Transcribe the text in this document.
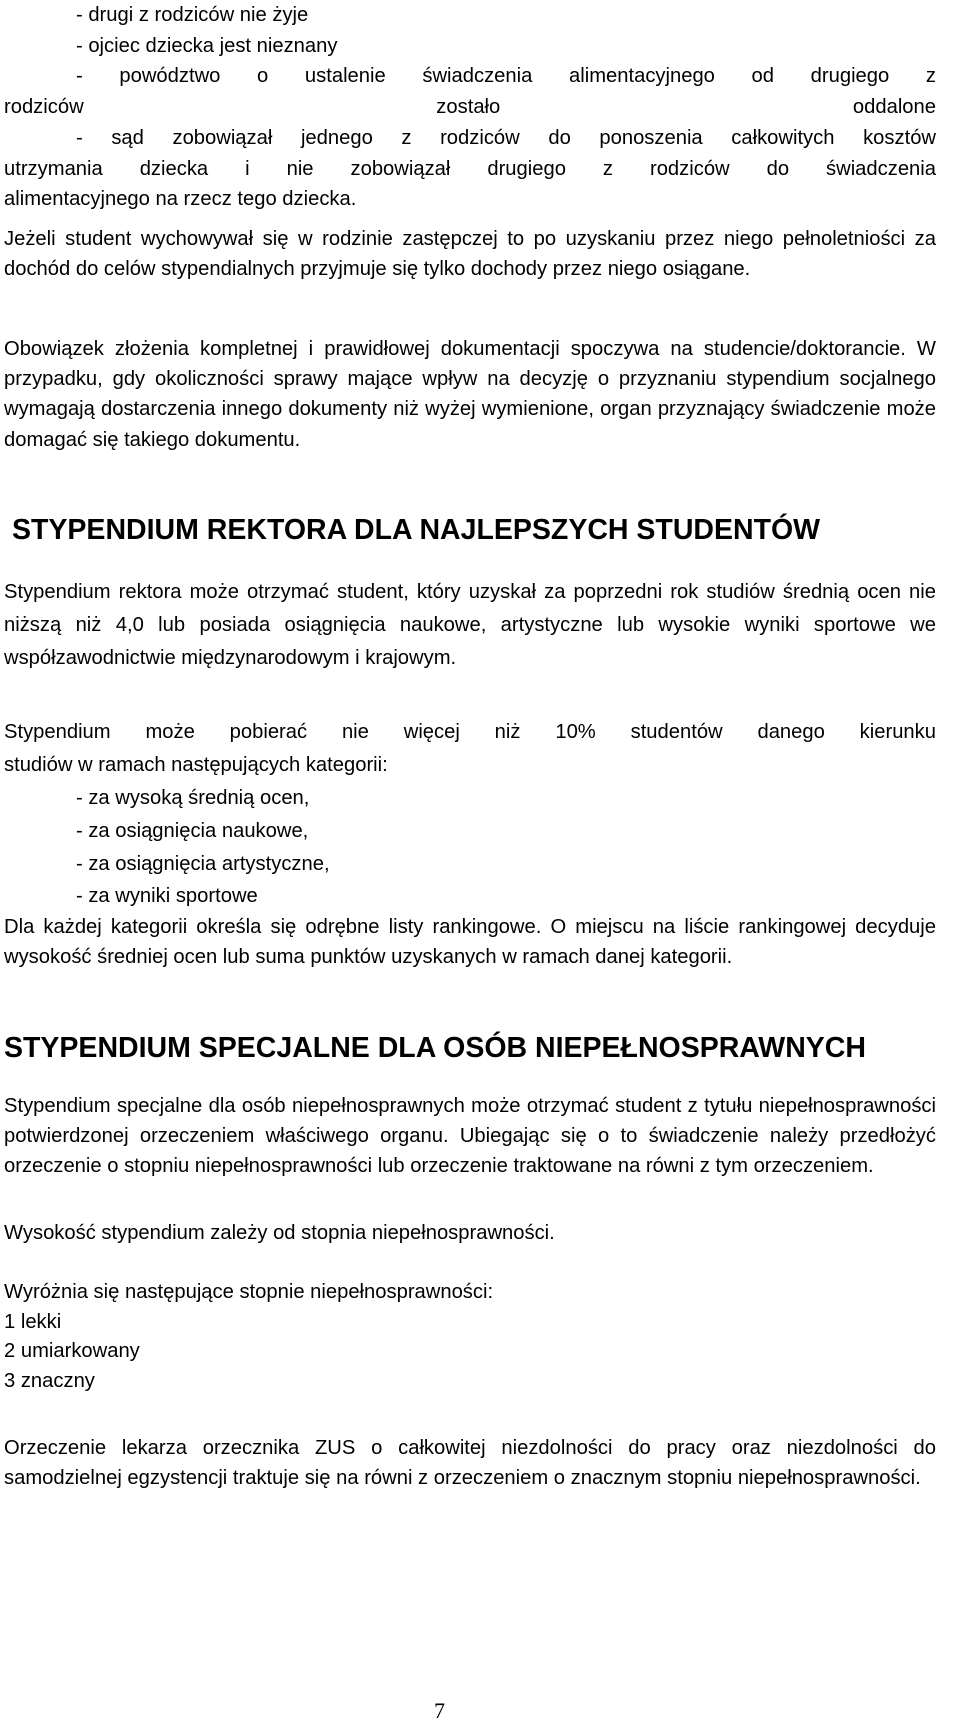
- drugi z rodziców nie żyje
- ojciec dziecka jest nieznany
- powództwo o ustalenie świadczenia alimentacyjnego od drugiego z
rodziców zostało oddalone
- sąd zobowiązał jednego z rodziców do ponoszenia całkowitych kosztów
utrzymania dziecka i nie zobowiązał drugiego z rodziców do świadczenia
alimentacyjnego na rzecz tego dziecka.

Jeżeli student wychowywał się w rodzinie zastępczej to po uzyskaniu przez niego pełnoletniości za dochód do celów stypendialnych przyjmuje się tylko dochody przez niego osiągane.

Obowiązek złożenia kompletnej i prawidłowej dokumentacji spoczywa na studencie/doktorancie. W przypadku, gdy okoliczności sprawy mające wpływ na decyzję o przyznaniu stypendium socjalnego wymagają dostarczenia innego dokumenty niż wyżej wymienione, organ przyznający świadczenie może domagać się takiego dokumentu.

STYPENDIUM REKTORA DLA NAJLEPSZYCH STUDENTÓW

Stypendium rektora może otrzymać student, który uzyskał za poprzedni rok studiów średnią ocen nie niższą niż 4,0 lub posiada osiągnięcia naukowe, artystyczne lub wysokie wyniki sportowe we współzawodnictwie międzynarodowym i krajowym.

Stypendium może pobierać nie więcej niż 10% studentów danego kierunku
studiów w ramach następujących kategorii:
- za wysoką średnią ocen,
- za osiągnięcia naukowe,
- za osiągnięcia artystyczne,
- za wyniki sportowe

Dla każdej kategorii określa się odrębne listy rankingowe. O miejscu na liście rankingowej decyduje wysokość średniej ocen lub suma punktów uzyskanych w ramach danej kategorii.

STYPENDIUM SPECJALNE DLA OSÓB NIEPEŁNOSPRAWNYCH

Stypendium specjalne dla osób niepełnosprawnych może otrzymać student z tytułu niepełnosprawności potwierdzonej orzeczeniem właściwego organu. Ubiegając się o to świadczenie należy przedłożyć orzeczenie o stopniu niepełnosprawności lub orzeczenie traktowane na równi z tym orzeczeniem.

Wysokość stypendium zależy od stopnia niepełnosprawności.

Wyróżnia się następujące stopnie niepełnosprawności:
1 lekki
2 umiarkowany
3 znaczny

Orzeczenie lekarza orzecznika ZUS o całkowitej niezdolności do pracy oraz niezdolności do samodzielnej egzystencji traktuje się na równi z orzeczeniem o znacznym stopniu niepełnosprawności.

7
